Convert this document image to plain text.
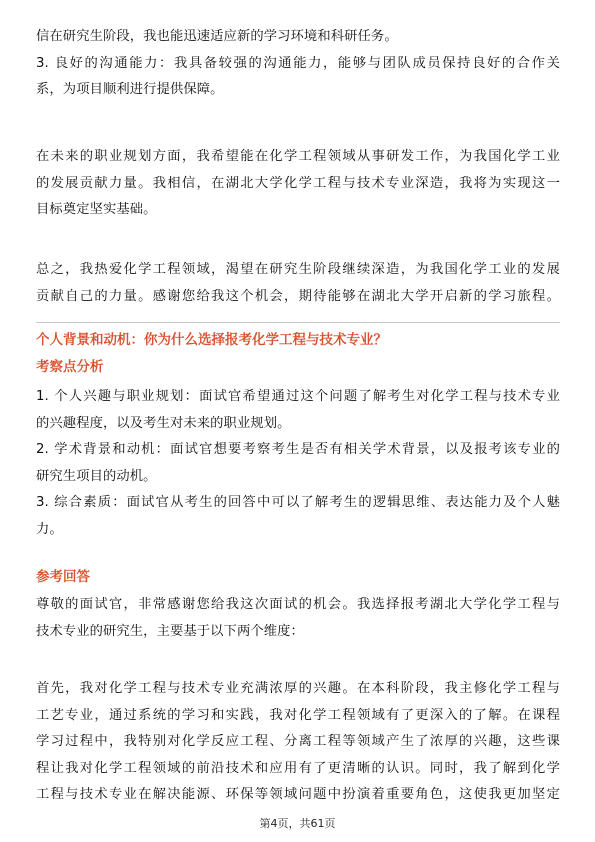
信在研究生阶段，我也能迅速适应新的学习环境和科研任务。
3. 良好的沟通能力：我具备较强的沟通能力，能够与团队成员保持良好的合作关
系，为项目顺利进行提供保障。
在未来的职业规划方面，我希望能在化学工程领域从事研发工作，为我国化学工业
的发展贡献力量。我相信，在湖北大学化学工程与技术专业深造，我将为实现这一
目标奠定坚实基础。
总之，我热爱化学工程领域，渴望在研究生阶段继续深造，为我国化学工业的发展
贡献自己的力量。感谢您给我这个机会，期待能够在湖北大学开启新的学习旅程。
个人背景和动机：你为什么选择报考化学工程与技术专业？
考察点分析
1. 个人兴趣与职业规划：面试官希望通过这个问题了解考生对化学工程与技术专业
的兴趣程度，以及考生对未来的职业规划。
2. 学术背景和动机：面试官想要考察考生是否有相关学术背景，以及报考该专业的
研究生项目的动机。
3. 综合素质：面试官从考生的回答中可以了解考生的逻辑思维、表达能力及个人魅
力。
参考回答
尊敬的面试官，非常感谢您给我这次面试的机会。我选择报考湖北大学化学工程与
技术专业的研究生，主要基于以下两个维度：
首先，我对化学工程与技术专业充满浓厚的兴趣。在本科阶段，我主修化学工程与
工艺专业，通过系统的学习和实践，我对化学工程领域有了更深入的了解。在课程
学习过程中，我特别对化学反应工程、分离工程等领域产生了浓厚的兴趣，这些课
程让我对化学工程领域的前沿技术和应用有了更清晰的认识。同时，我了解到化学
工程与技术专业在解决能源、环保等领域问题中扮演着重要角色，这使我更加坚定
第4页，共61页
